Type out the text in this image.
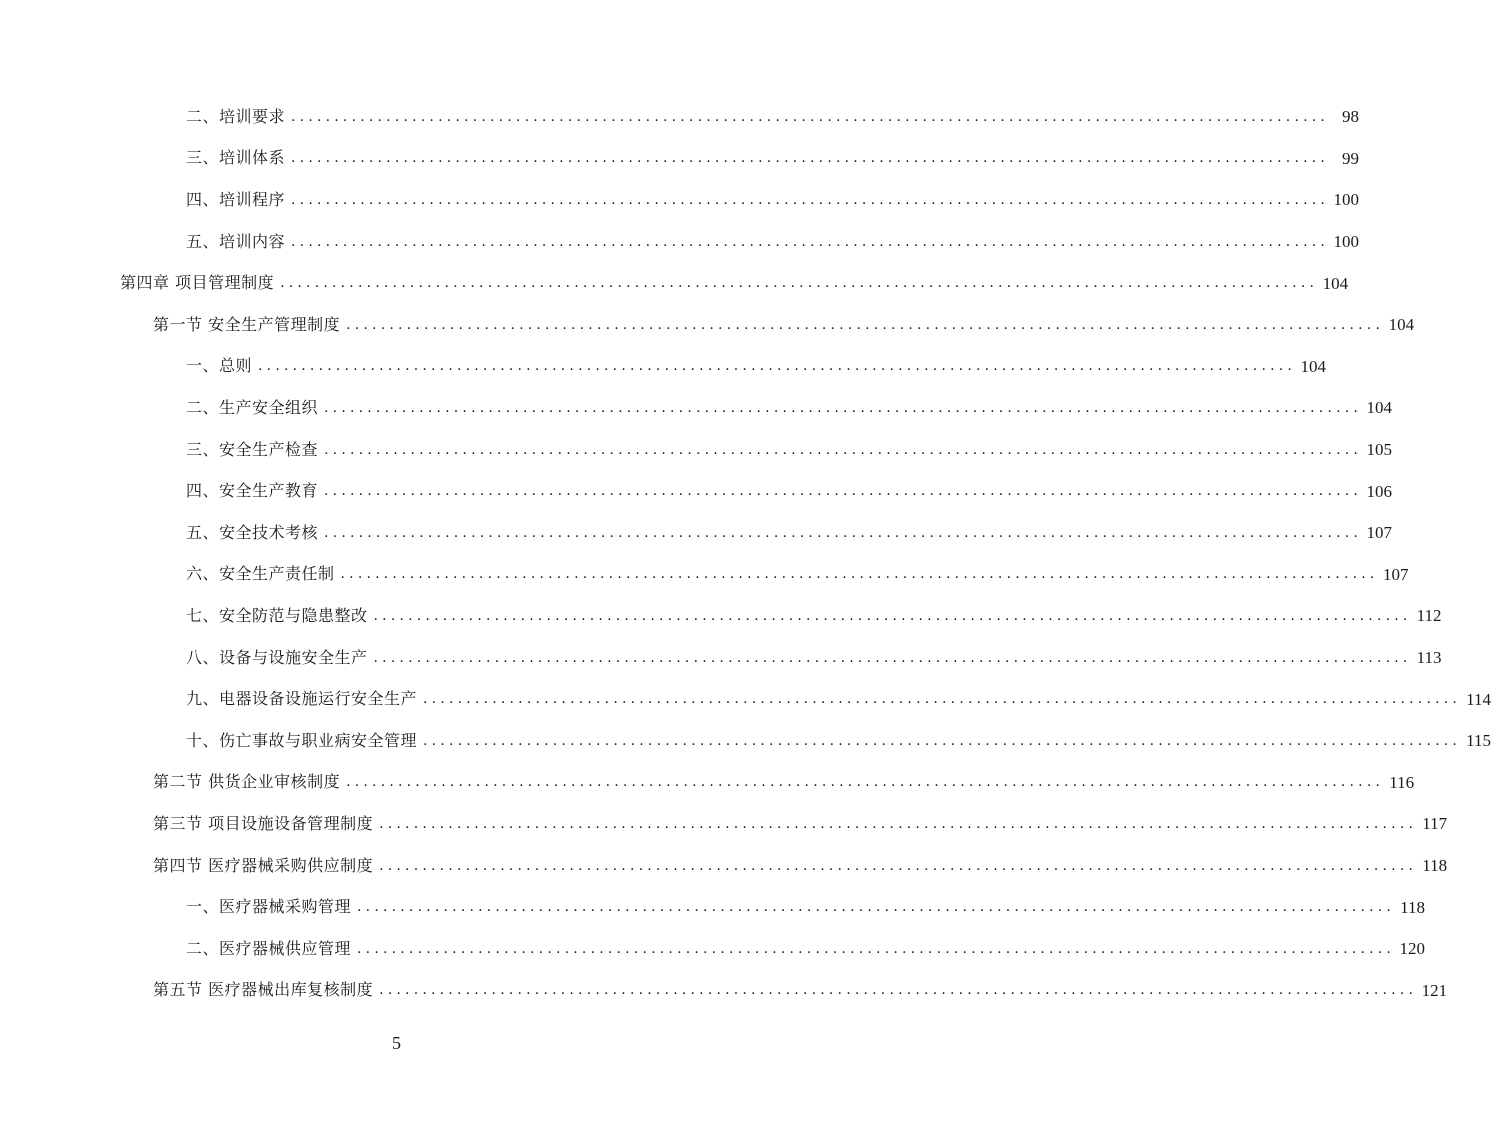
二、培训要求 ........................................................................................................................ 98
三、培训体系 ........................................................................................................................ 99
四、培训程序 ........................................................................................................................ 100
五、培训内容 ........................................................................................................................ 100
第四章 项目管理制度 ........................................................................................................................ 104
第一节 安全生产管理制度 ........................................................................................................................ 104
一、总则 ........................................................................................................................ 104
二、生产安全组织 ........................................................................................................................ 104
三、安全生产检查 ........................................................................................................................ 105
四、安全生产教育 ........................................................................................................................ 106
五、安全技术考核 ........................................................................................................................ 107
六、安全生产责任制 ........................................................................................................................ 107
七、安全防范与隐患整改 ........................................................................................................................ 112
八、设备与设施安全生产 ........................................................................................................................ 113
九、电器设备设施运行安全生产 ........................................................................................................................ 114
十、伤亡事故与职业病安全管理 ........................................................................................................................ 115
第二节 供货企业审核制度 ........................................................................................................................ 116
第三节 项目设施设备管理制度 ........................................................................................................................ 117
第四节 医疗器械采购供应制度 ........................................................................................................................ 118
一、医疗器械采购管理 ........................................................................................................................ 118
二、医疗器械供应管理 ........................................................................................................................ 120
第五节 医疗器械出库复核制度 ........................................................................................................................ 121
5
